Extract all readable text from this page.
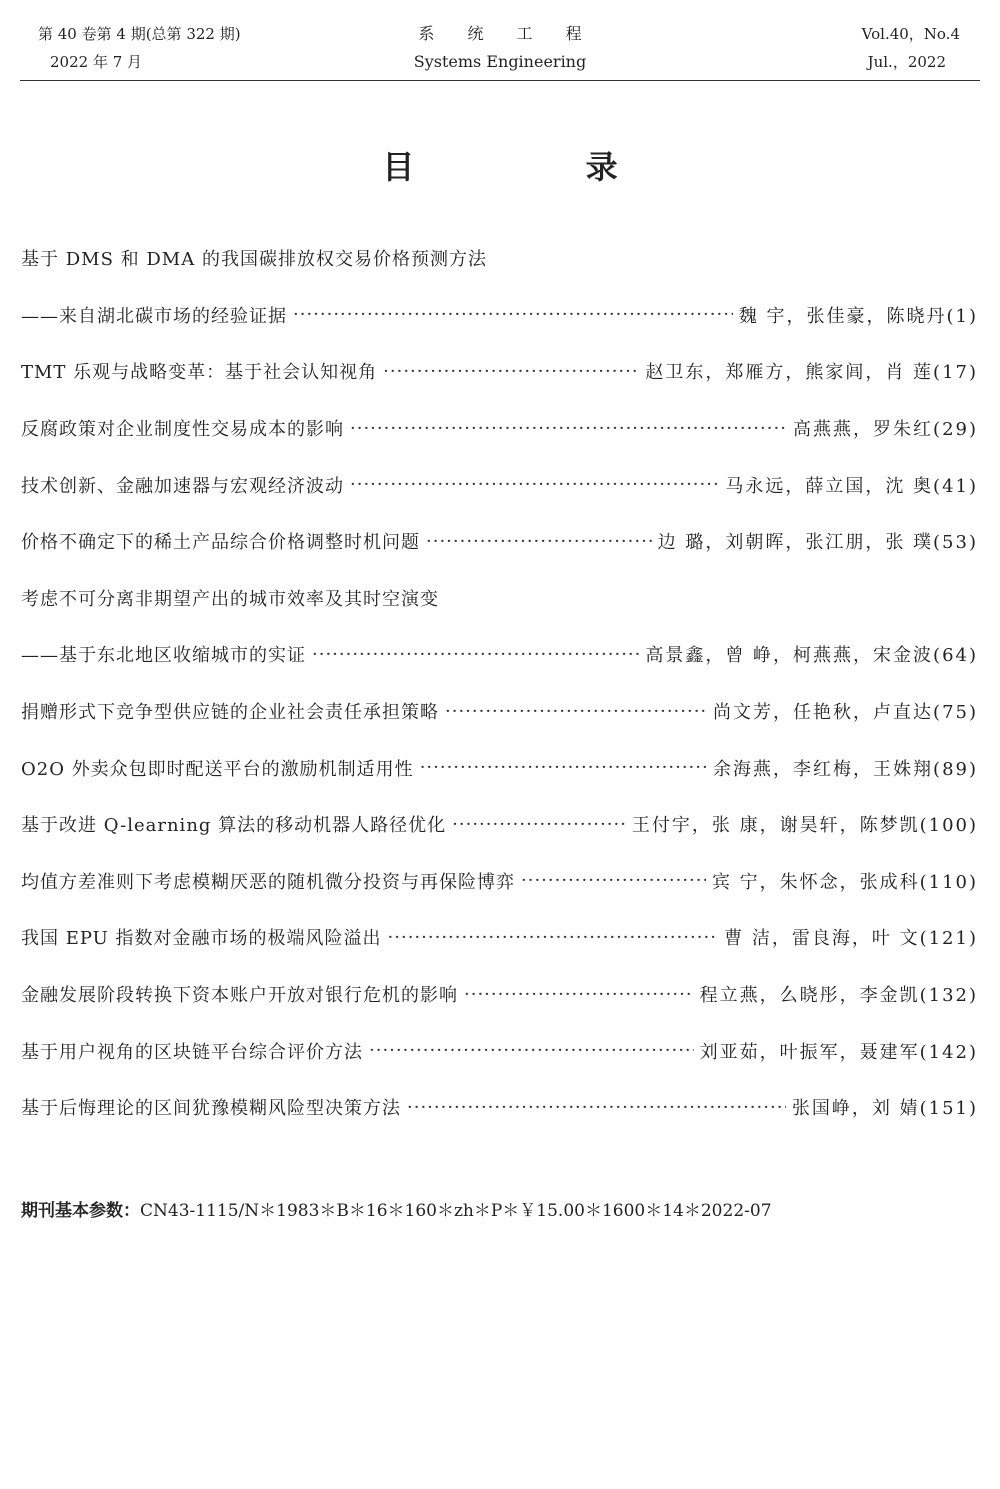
第 40 卷第 4 期(总第 322 期)
2022 年 7 月
系 统 工 程
Systems Engineering
Vol.40，No.4
Jul.，2022
目 录
基于 DMS 和 DMA 的我国碳排放权交易价格预测方法
——来自湖北碳市场的经验证据 ·····	魏 宇，张佳豪，陈晓丹(1)
TMT 乐观与战略变革：基于社会认知视角 ·····	赵卫东，郑雁方，熊家闾，肖 莲(17)
反腐政策对企业制度性交易成本的影响 ·····	高燕燕，罗朱红(29)
技术创新、金融加速器与宏观经济波动 ·····	马永远，薛立国，沈 奥(41)
价格不确定下的稀土产品综合价格调整时机问题 ·····	边 璐，刘朝晖，张江朋，张 璞(53)
考虑不可分离非期望产出的城市效率及其时空演变
——基于东北地区收缩城市的实证 ·····	高景鑫，曾 峥，柯燕燕，宋金波(64)
捐赠形式下竞争型供应链的企业社会责任承担策略 ·····	尚文芳，任艳秋，卢直达(75)
O2O 外卖众包即时配送平台的激励机制适用性 ·····	余海燕，李红梅，王姝翔(89)
基于改进 Q-learning 算法的移动机器人路径优化 ·····	王付宇，张 康，谢昊轩，陈梦凯(100)
均值方差准则下考虑模糊厌恶的随机微分投资与再保险博弈 ·····	宾 宁，朱怀念，张成科(110)
我国 EPU 指数对金融市场的极端风险溢出 ·····	曹 洁，雷良海，叶 文(121)
金融发展阶段转换下资本账户开放对银行危机的影响 ·····	程立燕，么晓彤，李金凯(132)
基于用户视角的区块链平台综合评价方法 ·····	刘亚茹，叶振军，聂建军(142)
基于后悔理论的区间犹豫模糊风险型决策方法 ·····	张国峥，刘 婧(151)
期刊基本参数：CN43-1115/N＊1983＊B＊16＊160＊zh＊P＊￥15.00＊1600＊14＊2022-07
